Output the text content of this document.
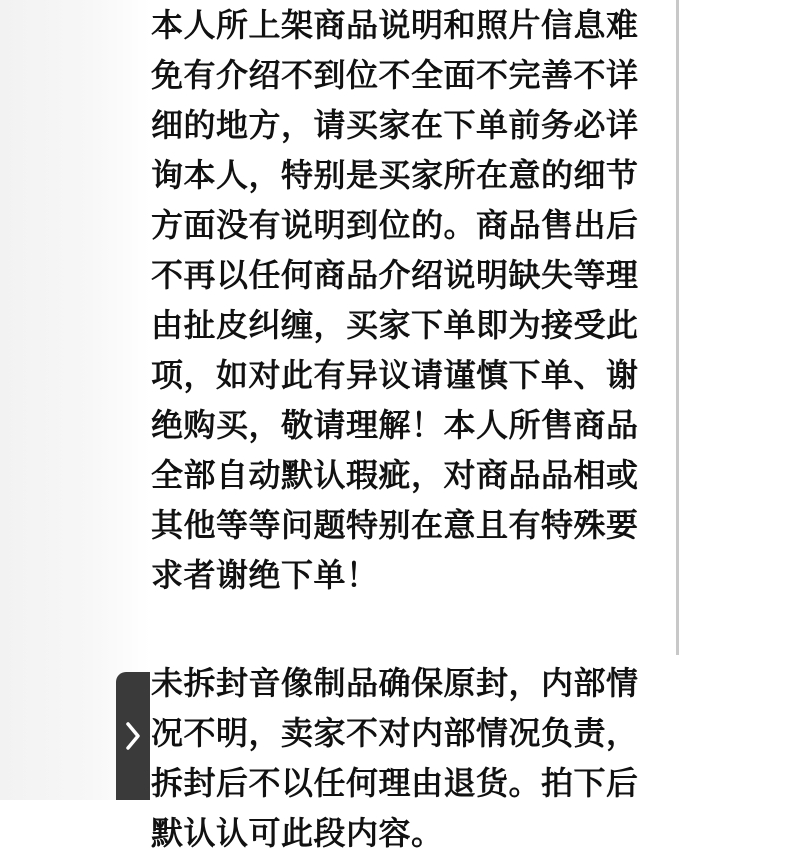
本人所上架商品说明和照片信息难
免有介绍不到位不全面不完善不详
细的地方，请买家在下单前务必详
询本人，特别是买家所在意的细节
方面没有说明到位的。商品售出后
不再以任何商品介绍说明缺失等理
由扯皮纠缠，买家下单即为接受此
项，如对此有异议请谨慎下单、谢
绝购买，敬请理解！本人所售商品
全部自动默认瑕疵，对商品品相或
其他等等问题特别在意且有特殊要
求者谢绝下单！

未拆封音像制品确保原封，内部情
况不明，卖家不对内部情况负责，
拆封后不以任何理由退货。拍下后
默认认可此段内容。
